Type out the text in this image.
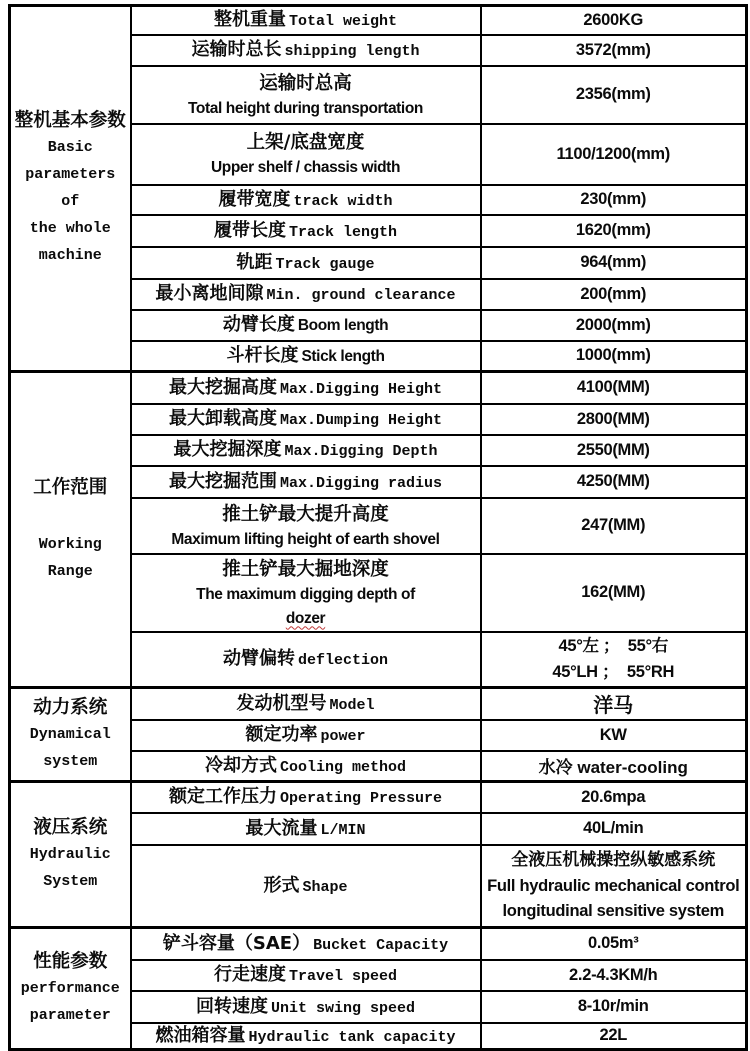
整机基本参数
Basic
parameters of
the whole
machine	整机重量 Total weight	2600KG
	运输时总长 shipping length	3572(mm)

	运输时总高
Total height during transportation	2356(mm)

	上架/底盘宽度
Upper shelf / chassis width	1100/1200(mm)
	履带宽度 track width	230(mm)
	履带长度 Track length	1620(mm)
	轨距 Track gauge	964(mm)
	最小离地间隙 Min. ground clearance	200(mm)
	动臂长度 Boom length	2000(mm)
	斗杆长度 Stick length	1000(mm)

工作范围
Working Range	最大挖掘高度 Max.Digging Height	4100(MM)
	最大卸载高度 Max.Dumping Height	2800(MM)
	最大挖掘深度 Max.Digging Depth	2550(MM)
	最大挖掘范围 Max.Digging radius	4250(MM)

	推土铲最大提升高度
Maximum lifting height of earth shovel	247(MM)

	推土铲最大掘地深度
The maximum digging depth of
dozer	162(MM)
	动臂偏转 deflection	45°左 ；  55°右
45°LH ；  55°RH

动力系统
Dynamical
system	发动机型号 Model	洋马
	额定功率 power	KW
	冷却方式 Cooling method	水冷 water-cooling

液压系统
Hydraulic
System	额定工作压力 Operating Pressure	20.6mpa
	最大流量 L/MIN	40L/min
	形式 Shape	全液压机械操控纵敏感系统
Full hydraulic mechanical control
longitudinal sensitive system

性能参数
performance
parameter	铲斗容量（SAE） Bucket Capacity	0.05m³
	行走速度 Travel speed	2.2-4.3KM/h
	回转速度 Unit swing speed	8-10r/min
	燃油箱容量 Hydraulic tank capacity	22L
